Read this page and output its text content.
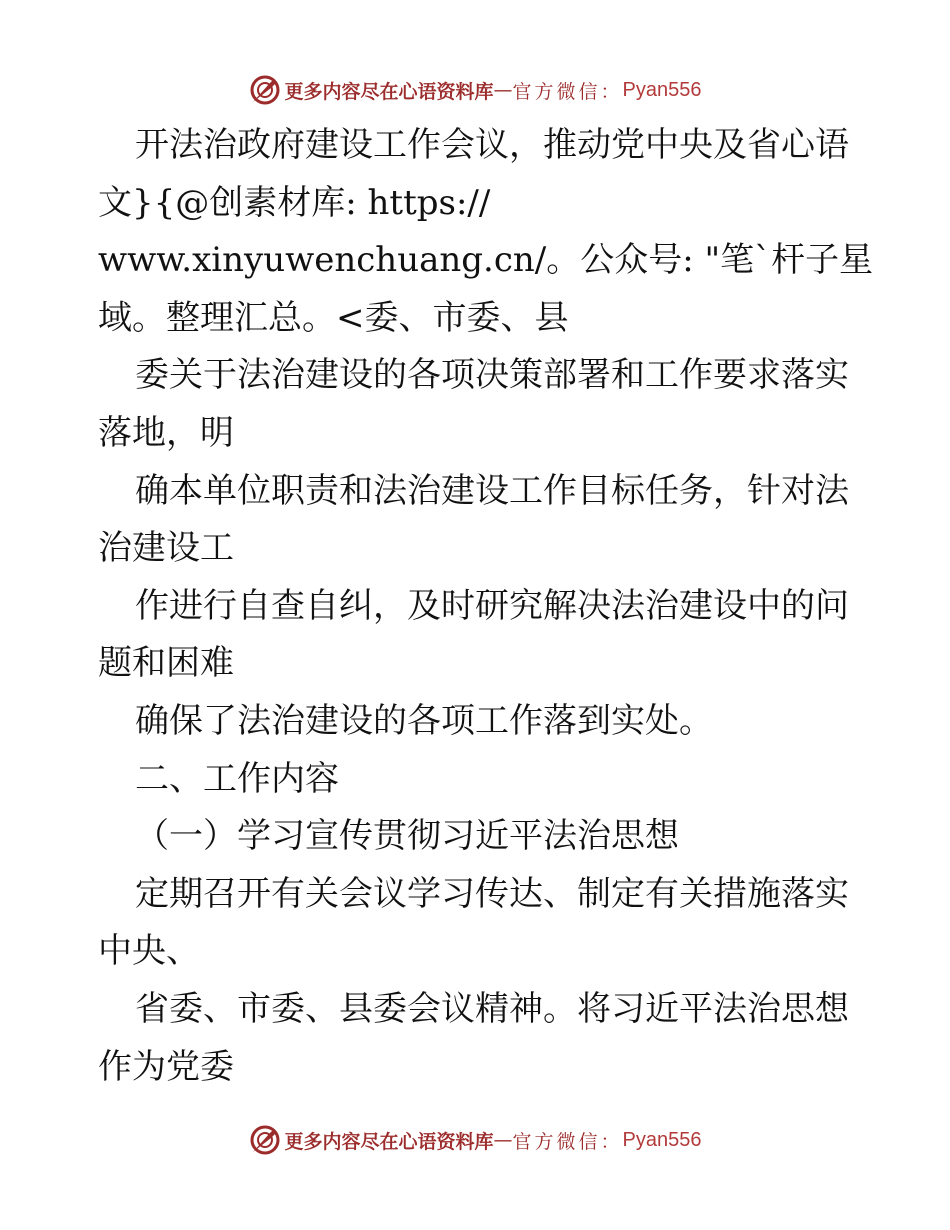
更多内容尽在心语资料库 — 官方微信： Pyan556
开法治政府建设工作会议，推动党中央及省心语
文}{@创素材库: https://
www.xinyuwenchuang.cn/。公众号: "笔`杆子星
域。整理汇总。<委、市委、县
委关于法治建设的各项决策部署和工作要求落实
落地，明
确本单位职责和法治建设工作目标任务，针对法
治建设工
作进行自查自纠，及时研究解决法治建设中的问
题和困难
确保了法治建设的各项工作落到实处。
二、工作内容
（一）学习宣传贯彻习近平法治思想
定期召开有关会议学习传达、制定有关措施落实
中央、
省委、市委、县委会议精神。将习近平法治思想
作为党委
更多内容尽在心语资料库 — 官方微信： Pyan556
